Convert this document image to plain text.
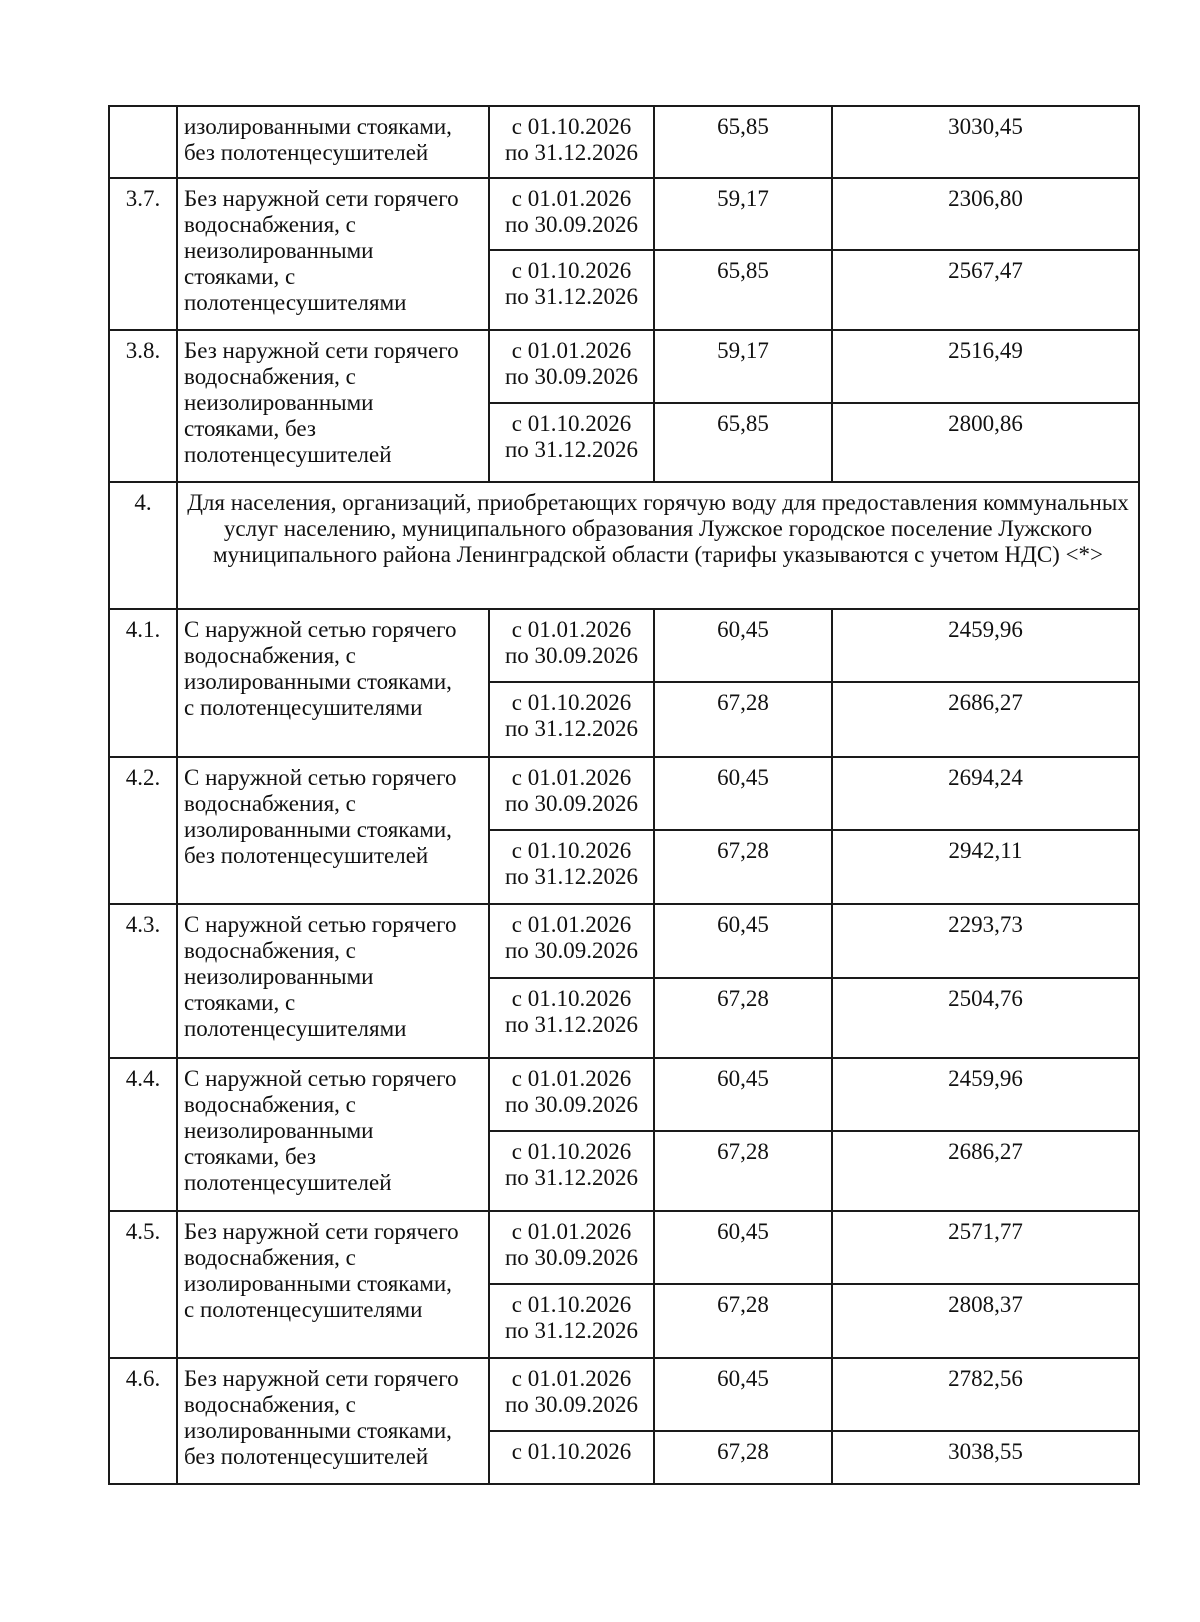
	изолированными стояками,
без полотенцесушителей	с 01.10.2026
по 31.12.2026	65,85	3030,45
3.7.	Без наружной сети горячего
водоснабжения, с
неизолированными
стояками, с
полотенцесушителями	с 01.01.2026
по 30.09.2026	59,17	2306,80

		с 01.10.2026
по 31.12.2026	65,85	2567,47
3.8.	Без наружной сети горячего
водоснабжения, с
неизолированными
стояками, без
полотенцесушителей	с 01.01.2026
по 30.09.2026	59,17	2516,49

		с 01.10.2026
по 31.12.2026	65,85	2800,86
4.	Для населения, организаций, приобретающих горячую воду для предоставления коммунальных услуг населению, муниципального образования Лужское городское поселение Лужского муниципального района Ленинградской области (тарифы указываются с учетом НДС) <*>			
4.1.	С наружной сетью горячего
водоснабжения, с
изолированными стояками,
с полотенцесушителями	с 01.01.2026
по 30.09.2026	60,45	2459,96

		с 01.10.2026
по 31.12.2026	67,28	2686,27
4.2.	С наружной сетью горячего
водоснабжения, с
изолированными стояками,
без полотенцесушителей	с 01.01.2026
по 30.09.2026	60,45	2694,24

		с 01.10.2026
по 31.12.2026	67,28	2942,11
4.3.	С наружной сетью горячего
водоснабжения, с
неизолированными
стояками, с
полотенцесушителями	с 01.01.2026
по 30.09.2026	60,45	2293,73

		с 01.10.2026
по 31.12.2026	67,28	2504,76
4.4.	С наружной сетью горячего
водоснабжения, с
неизолированными
стояками, без
полотенцесушителей	с 01.01.2026
по 30.09.2026	60,45	2459,96

		с 01.10.2026
по 31.12.2026	67,28	2686,27
4.5.	Без наружной сети горячего
водоснабжения, с
изолированными стояками,
с полотенцесушителями	с 01.01.2026
по 30.09.2026	60,45	2571,77

		с 01.10.2026
по 31.12.2026	67,28	2808,37
4.6.	Без наружной сети горячего
водоснабжения, с
изолированными стояками,
без полотенцесушителей	с 01.01.2026
по 30.09.2026	60,45	2782,56

		с 01.10.2026	67,28	3038,55
